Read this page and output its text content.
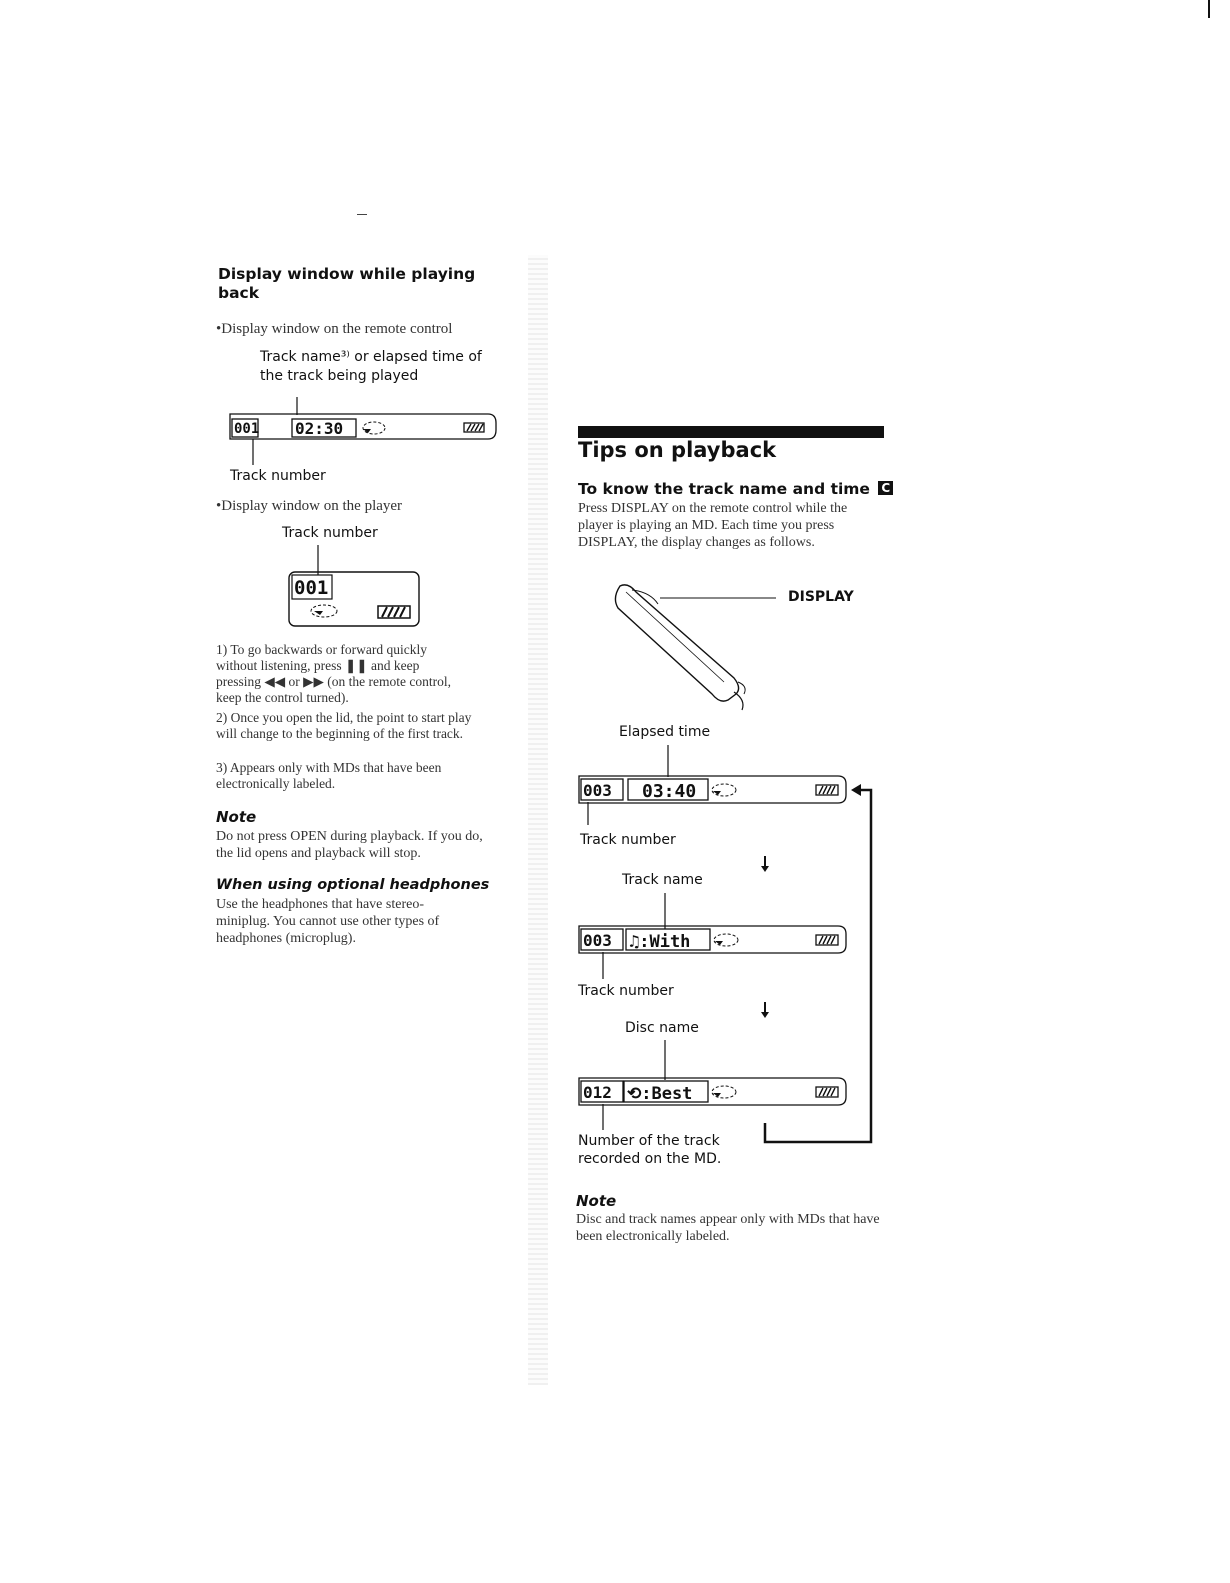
Display window while playing back
•Display window on the remote control
Track name³⁾ or elapsed time of the track being played
001 02:30
Track number
•Display window on the player
Track number
001
1) To go backwards or forward quickly without listening, press ❚❚ and keep pressing ◀◀ or ▶▶ (on the remote control, keep the control turned).
2) Once you open the lid, the point to start play will change to the beginning of the first track.
3) Appears only with MDs that have been electronically labeled.
Note
Do not press OPEN during playback. If you do, the lid opens and playback will stop.
When using optional headphones
Use the headphones that have stereo-miniplug. You cannot use other types of headphones (microplug).
Tips on playback
To know the track name and time C
Press DISPLAY on the remote control while the player is playing an MD. Each time you press DISPLAY, the display changes as follows.
DISPLAY
Elapsed time
003 03:40
Track number
Track name
003 ♫:With
Track number
Disc name
012 ⟲:Best
Number of the track recorded on the MD.
Note
Disc and track names appear only with MDs that have been electronically labeled.
